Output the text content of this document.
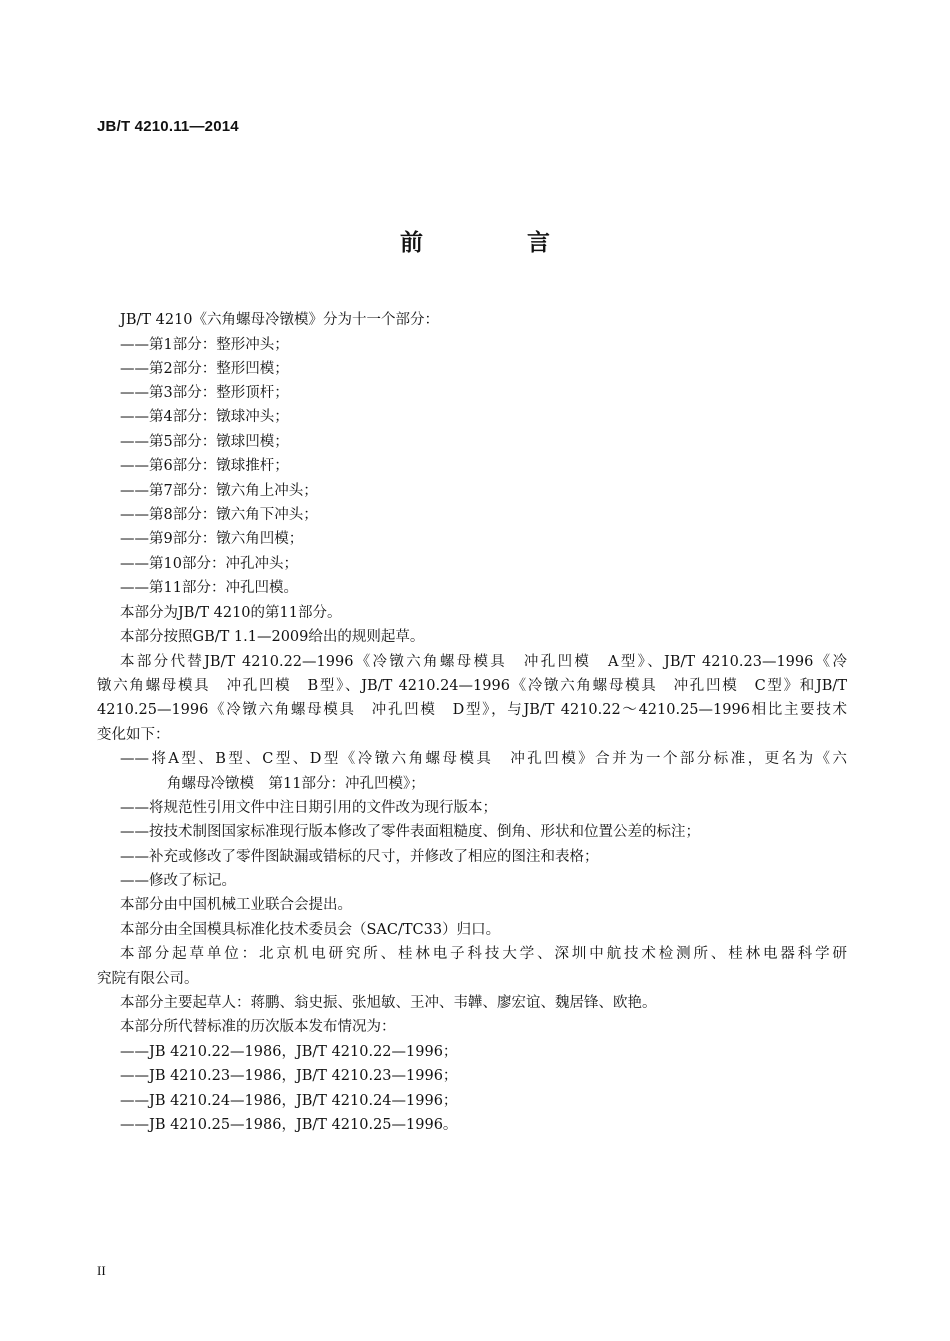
JB/T 4210.11—2014
前 言
JB/T 4210《六角螺母冷镦模》分为十一个部分：
——第1部分：整形冲头；
——第2部分：整形凹模；
——第3部分：整形顶杆；
——第4部分：镦球冲头；
——第5部分：镦球凹模；
——第6部分：镦球推杆；
——第7部分：镦六角上冲头；
——第8部分：镦六角下冲头；
——第9部分：镦六角凹模；
——第10部分：冲孔冲头；
——第11部分：冲孔凹模。
本部分为JB/T 4210的第11部分。
本部分按照GB/T 1.1—2009给出的规则起草。
本部分代替JB/T 4210.22—1996《冷镦六角螺母模具　冲孔凹模　A型》、JB/T 4210.23—1996《冷
镦六角螺母模具　冲孔凹模　B型》、JB/T 4210.24—1996《冷镦六角螺母模具　冲孔凹模　C型》和JB/T
4210.25—1996《冷镦六角螺母模具　冲孔凹模　D型》，与JB/T 4210.22～4210.25—1996相比主要技术
变化如下：
——将A型、B型、C型、D型《冷镦六角螺母模具　冲孔凹模》合并为一个部分标准，更名为《六
角螺母冷镦模　第11部分：冲孔凹模》；
——将规范性引用文件中注日期引用的文件改为现行版本；
——按技术制图国家标准现行版本修改了零件表面粗糙度、倒角、形状和位置公差的标注；
——补充或修改了零件图缺漏或错标的尺寸，并修改了相应的图注和表格；
——修改了标记。
本部分由中国机械工业联合会提出。
本部分由全国模具标准化技术委员会（SAC/TC33）归口。
本部分起草单位：北京机电研究所、桂林电子科技大学、深圳中航技术检测所、桂林电器科学研
究院有限公司。
本部分主要起草人：蒋鹏、翁史振、张旭敏、王冲、韦韡、廖宏谊、魏居锋、欧艳。
本部分所代替标准的历次版本发布情况为：
——JB 4210.22—1986，JB/T 4210.22—1996；
——JB 4210.23—1986，JB/T 4210.23—1996；
——JB 4210.24—1986，JB/T 4210.24—1996；
——JB 4210.25—1986，JB/T 4210.25—1996。
II
